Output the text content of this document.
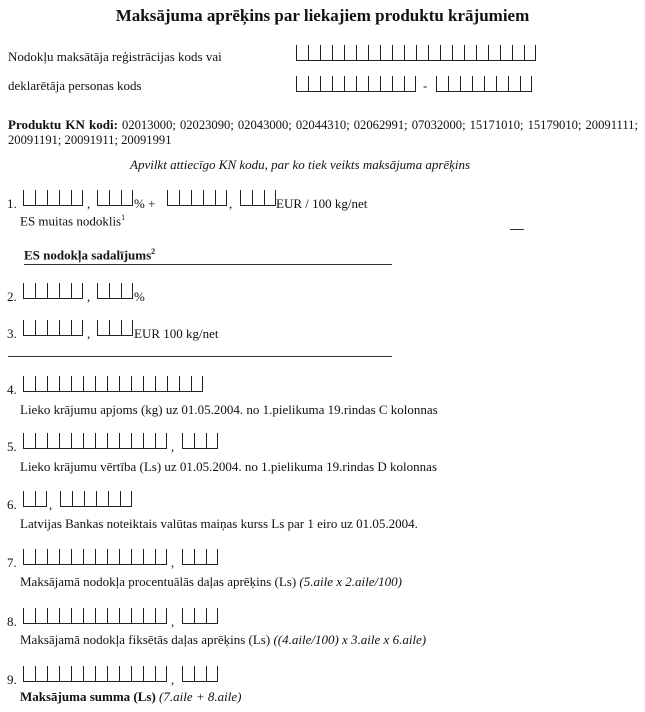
Maksājuma aprēķins par liekajiem produktu krājumiem
Nodokļu maksātāja reģistrācijas kods vai
deklarētāja personas kods	-
Produktu KN kodi: 02013000; 02023090; 02043000; 02044310; 02062991; 07032000; 15171010; 15179010; 20091111; 20091191; 20091911; 20091991
Apvilkt attiecīgo KN kodu, par ko tiek veikts maksājuma aprēķins
1.	,	% +	,	EUR / 100 kg/net
ES muitas nodoklis$^1$
ES nodokļa sadalījums$^2$
2.	,	%
3.	,	EUR 100 kg/net
4.
Lieko krājumu apjoms (kg) uz 01.05.2004. no 1.pielikuma 19.rindas C kolonnas
5.	,
Lieko krājumu vērtība (Ls) uz 01.05.2004. no 1.pielikuma 19.rindas D kolonnas
6. ,
Latvijas Bankas noteiktais valūtas maiņas kurss Ls par 1 eiro uz 01.05.2004.
7.	,
Maksājamā nodokļa procentuālās daļas aprēķins (Ls) (5.aile x 2.aile/100)
8.	,
Maksājamā nodokļa fiksētās daļas aprēķins (Ls) ((4.aile/100) x 3.aile x 6.aile)
9.	,
Maksājuma summa (Ls) (7.aile + 8.aile)
